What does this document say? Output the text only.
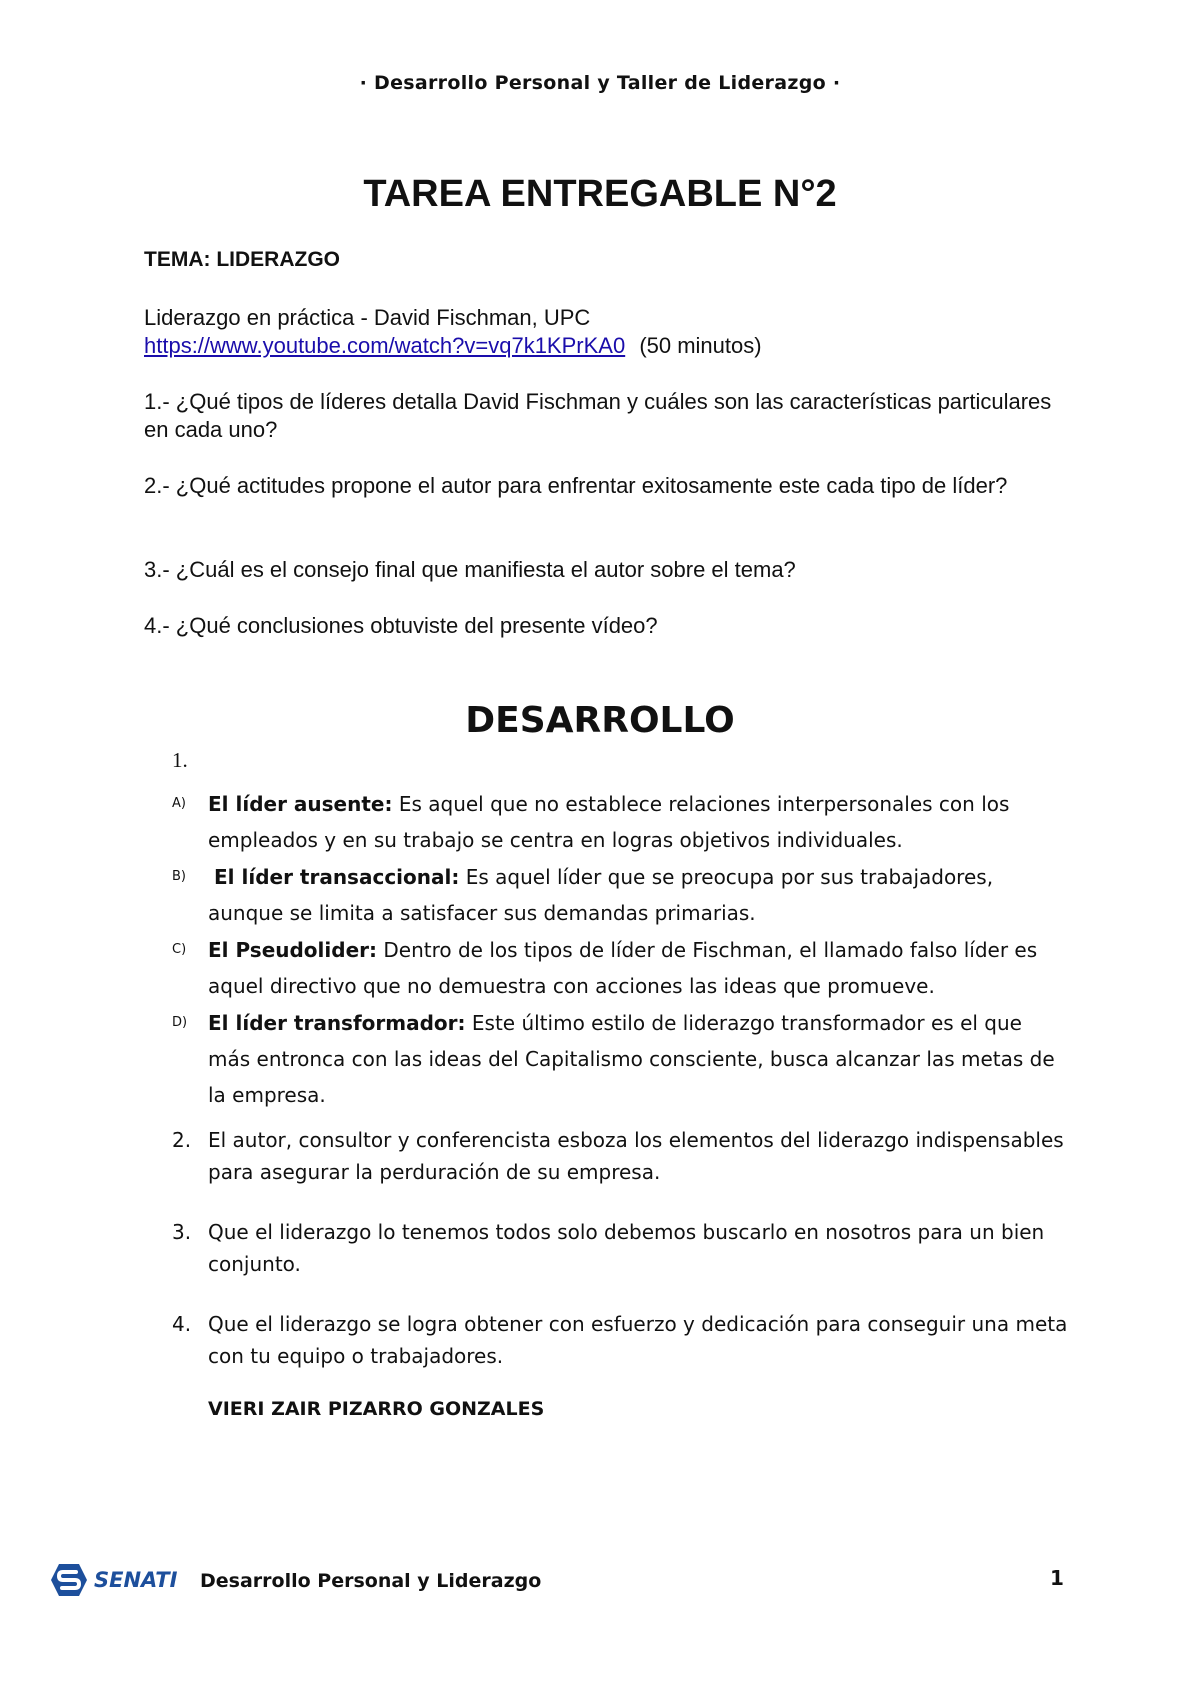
· Desarrollo Personal y Taller de Liderazgo ·
TAREA ENTREGABLE N°2
TEMA: LIDERAZGO
Liderazgo en práctica - David Fischman, UPC
https://www.youtube.com/watch?v=vq7k1KPrKA0 (50 minutos)
1.- ¿Qué tipos de líderes detalla David Fischman y cuáles son las características particulares en cada uno?
2.- ¿Qué actitudes propone el autor para enfrentar exitosamente este cada tipo de líder?
3.- ¿Cuál es el consejo final que manifiesta el autor sobre el tema?
4.- ¿Qué conclusiones obtuviste del presente vídeo?
DESARROLLO
1.
A) El líder ausente: Es aquel que no establece relaciones interpersonales con los empleados y en su trabajo se centra en logras objetivos individuales.
B)	El líder transaccional: Es aquel líder que se preocupa por sus trabajadores, aunque se limita a satisfacer sus demandas primarias.
C) El Pseudolider: Dentro de los tipos de líder de Fischman, el llamado falso líder es aquel directivo que no demuestra con acciones las ideas que promueve.
D) El líder transformador: Este último estilo de liderazgo transformador es el que más entronca con las ideas del Capitalismo consciente, busca alcanzar las metas de la empresa.
2. El autor, consultor y conferencista esboza los elementos del liderazgo indispensables para asegurar la perduración de su empresa.
3. Que el liderazgo lo tenemos todos solo debemos buscarlo en nosotros para un bien conjunto.
4. Que el liderazgo se logra obtener con esfuerzo y dedicación para conseguir una meta con tu equipo o trabajadores.
VIERI ZAIR PIZARRO GONZALES
SENATI Desarrollo Personal y Liderazgo	1
